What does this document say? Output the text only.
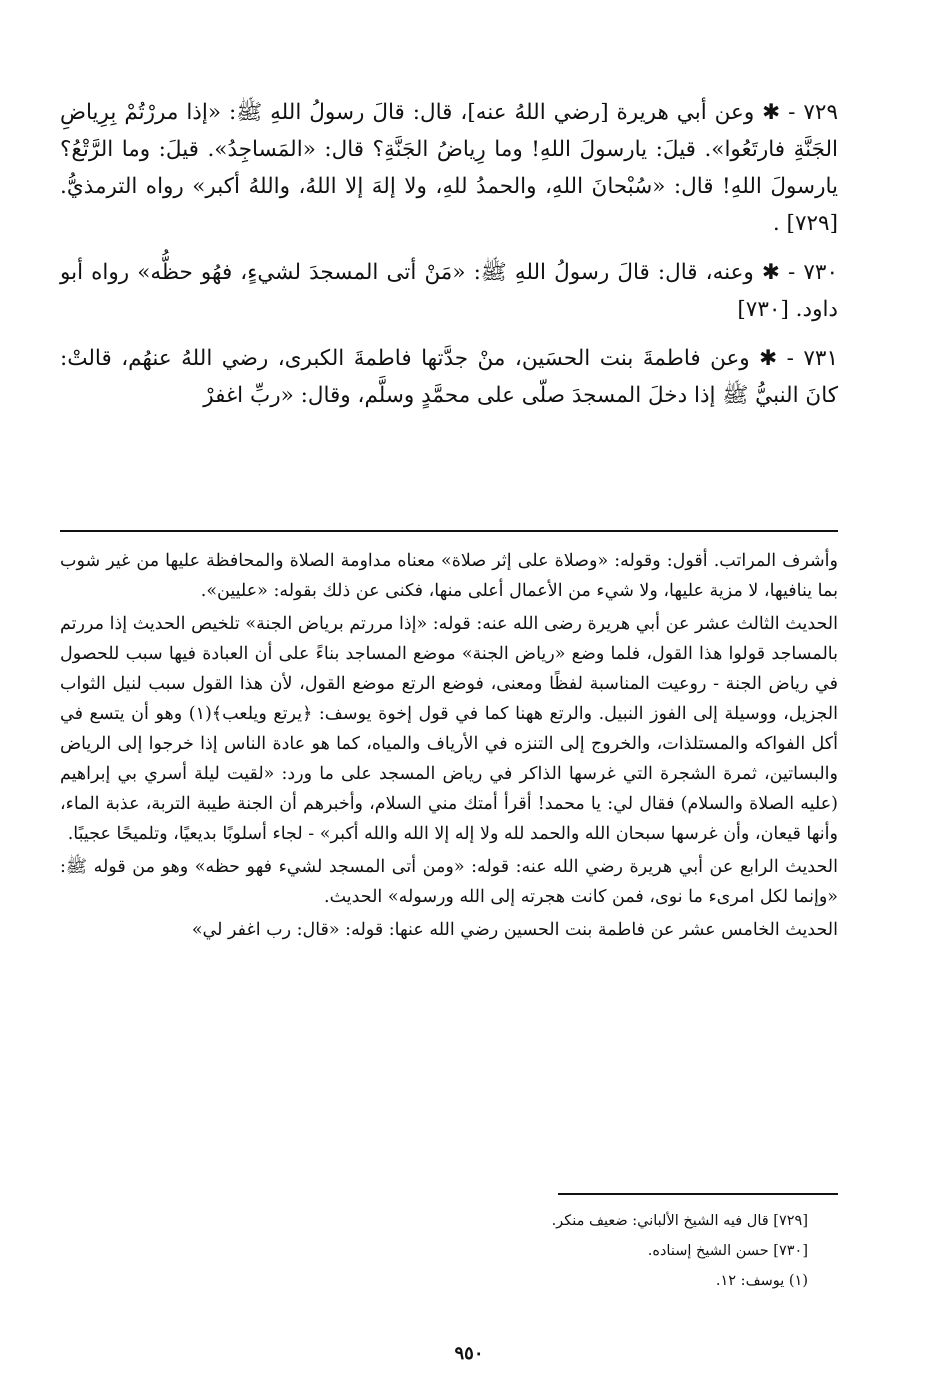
٧٢٩ - ✱ وعن أبي هريرة [رضي اللهُ عنه]، قال: قالَ رسولُ اللهِ ﷺ: «إذا مررْتُمْ بِرِياضِ الجَنَّةِ فارتَعُوا». قيلَ: يارسولَ اللهِ! وما رِياضُ الجَنَّةِ؟ قال: «المَساجِدُ». قيلَ: وما الرَّتْعُ؟ يارسولَ اللهِ! قال: «سُبْحانَ اللهِ، والحمدُ للهِ، ولا إلهَ إلا اللهُ، واللهُ أكبر» رواه الترمذيُّ. [٧٢٩] .

٧٣٠ - ✱ وعنه، قال: قالَ رسولُ اللهِ ﷺ: «مَنْ أتى المسجدَ لشيءٍ، فهُو حظُّه» رواه أبو داود. [٧٣٠]

٧٣١ - ✱ وعن فاطمةَ بنت الحسَين، منْ جدَّتها فاطمةَ الكبرى، رضي اللهُ عنهُم، قالتْ: كانَ النبيُّ ﷺ إذا دخلَ المسجدَ صلّى على محمَّدٍ وسلَّم، وقال: «ربِّ اغفرْ

وأشرف المراتب. أقول: وقوله: «وصلاة على إثر صلاة» معناه مداومة الصلاة والمحافظة عليها من غير شوب بما ينافيها، لا مزية عليها، ولا شيء من الأعمال أعلى منها، فكنى عن ذلك بقوله: «عليين».

الحديث الثالث عشر عن أبي هريرة رضى الله عنه: قوله: «إذا مررتم برياض الجنة» تلخيص الحديث إذا مررتم بالمساجد قولوا هذا القول، فلما وضع «رياض الجنة» موضع المساجد بناءً على أن العبادة فيها سبب للحصول في رياض الجنة - روعيت المناسبة لفظًا ومعنى، فوضع الرتع موضع القول، لأن هذا القول سبب لنيل الثواب الجزيل، ووسيلة إلى الفوز النبيل. والرتع ههنا كما في قول إخوة يوسف: ﴿يرتع ويلعب﴾(١) وهو أن يتسع في أكل الفواكه والمستلذات، والخروج إلى التنزه في الأرياف والمياه، كما هو عادة الناس إذا خرجوا إلى الرياض والبساتين، ثمرة الشجرة التي غرسها الذاكر في رياض المسجد على ما ورد: «لقيت ليلة أسري بي إبراهيم (عليه الصلاة والسلام) فقال لي: يا محمد! أقرأ أمتك مني السلام، وأخبرهم أن الجنة طيبة التربة، عذبة الماء، وأنها قيعان، وأن غرسها سبحان الله والحمد لله ولا إله إلا الله والله أكبر» - لجاء أسلوبًا بديعيًا، وتلميحًا عجيبًا.

الحديث الرابع عن أبي هريرة رضي الله عنه: قوله: «ومن أتى المسجد لشيء فهو حظه» وهو من قوله ﷺ: «وإنما لكل امرىء ما نوى، فمن كانت هجرته إلى الله ورسوله» الحديث.

الحديث الخامس عشر عن فاطمة بنت الحسين رضي الله عنها: قوله: «قال: رب اغفر لي»

[٧٢٩] قال فيه الشيخ الألباني: ضعيف منكر.

[٧٣٠] حسن الشيخ إسناده.

(١) يوسف: ١٢.

٩٥٠
